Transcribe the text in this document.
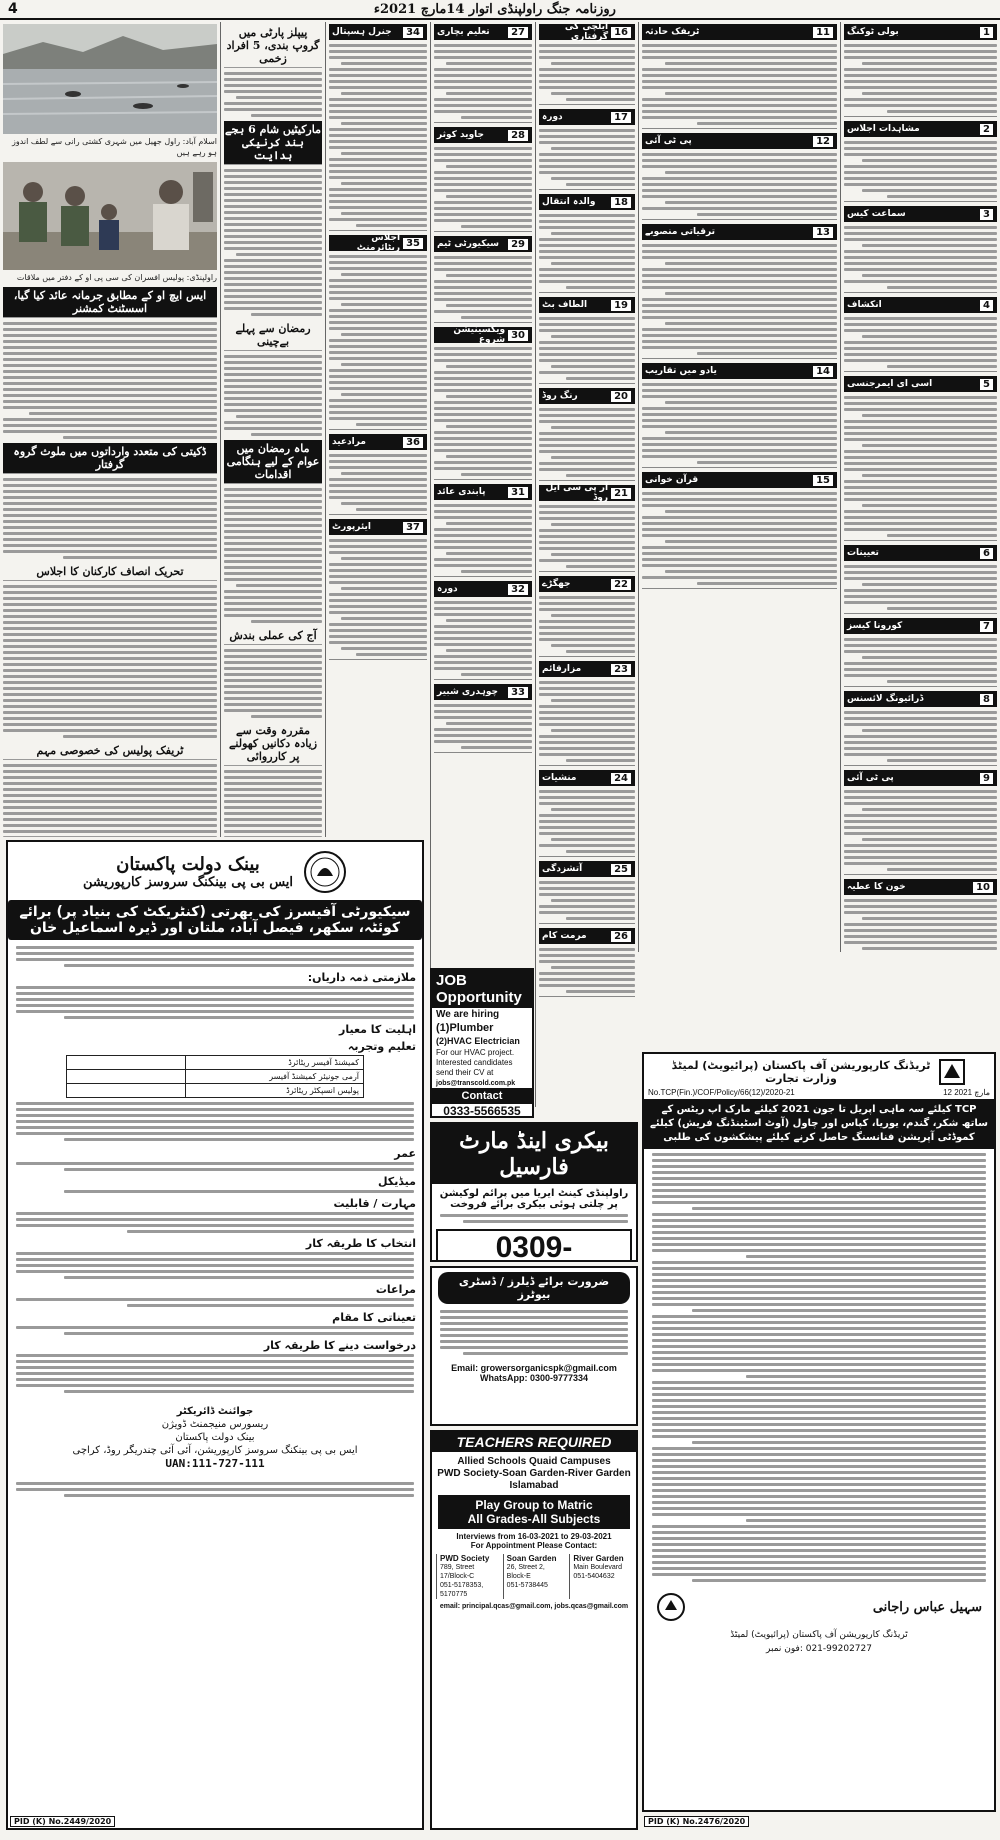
4	روزنامہ جنگ راولپنڈی اتوار 14مارچ 2021ء
1
بولی ٹوکنگ
2
مشاہدات اجلاس
3
سماعت کیس
4
انکشاف
5
اسی ای ایمرجنسی
6
تعیینات
7
کورونا کیسز
8
ڈرائیونگ لائسنس
9
پی ٹی آئی
10
خون کا عطیہ
11
ٹریفک حادثہ
12
پی ٹی آئی
13
ترقیاتی منصوبے
14
یادو میں تقاریب
15
قرآن خوانی
16
ایلچی کی گرفتاری
17
دورہ
18
والدہ انتقال
19
الطاف بٹ
20
رنگ روڈ
21
آر پی سی ایل روڈ
22
جھگڑے
23
مزارقائم
24
منشیات
25
آتشزدگی
26
مرمت کام
27
تعلیم بچاری
28
جاوید کوثر
29
سیکیورٹی ٹیم
30
ویکسینیشن شروع
31
پابندی عائد
32
دورہ
33
چوہدری شبیر
34
جنرل ہسپتال
35
اجلاس ریٹائرمنٹ
36
مرادعید
37
ایئرپورٹ
پیپلز پارٹی میں گروپ بندی، 5 افراد زخمی
مارکیٹیں شام 6 بجے بند کرنیکی ہدایت
رمضان سے پہلے بےچینی
ماہ رمضان میں عوام کے لیے ہنگامی اقدامات
آج کی عملی بندش
مقررہ وقت سے زیادہ دکانیں کھولنے پر کارروائی
اسلام آباد: راول جھیل میں شہری کشتی رانی سے لطف اندوز ہو رہے ہیں
راولپنڈی: پولیس افسران کی سی پی او کے دفتر میں ملاقات
ایس ایچ او کے مطابق جرمانہ عائد کیا گیا، اسسٹنٹ کمشنر
ڈکیتی کی متعدد وارداتوں میں ملوث گروہ گرفتار
تحریک انصاف کارکنان کا اجلاس
ٹریفک پولیس کی خصوصی مہم
بینک دولت پاکستان
ایس بی پی بینکنگ سروسز کارپوریشن
سیکیورٹی آفیسرز کی بھرتی (کنٹریکٹ کی بنیاد پر) برائے کوئٹہ، سکھر، فیصل آباد، ملتان اور ڈیرہ اسماعیل خان
ملازمتی ذمہ داریاں:
اہلیت کا معیار
تعلیم وتجربہ
	کمیشنڈ آفیسر ریٹائرڈ
	آرمی جونیئر کمیشنڈ آفیسر
	پولیس انسپکٹر ریٹائرڈ
عمر
میڈیکل
مہارت / قابلیت
انتخاب کا طریقہ کار
مراعات
تعیناتی کا مقام
درخواست دینے کا طریقہ کار
جوائنٹ ڈائریکٹر
ریسورس منیجمنٹ ڈویژن
بینک دولت پاکستان
ایس بی پی بینکنگ سروسز کارپوریشن، آئی آئی چندریگر روڈ، کراچی
UAN:111-727-111
PID (K) No.2449/2020
JOB Opportunity
We are hiring
(1)Plumber
(2)HVAC Electrician
For our HVAC project. Interested candidates send their CV at
jobs@transcold.com.pk
Contact
0333-5566535
بیکری اینڈ مارٹ فارسیل
راولپنڈی کینٹ ایریا میں پرائم لوکیشن پر چلتی ہوئی بیکری برائے فروخت
0309-
ضرورت برائے ڈیلرز / ڈسٹری بیوٹرز
Email: growersorganicspk@gmail.com
WhatsApp: 0300-9777334
TEACHERS REQUIRED
Allied Schools Quaid Campuses
PWD Society-Soan Garden-River Garden
Islamabad
Play Group to Matric
All Grades-All Subjects
Interviews from 16-03-2021 to 29-03-2021
For Appointment Please Contact:
PWD Society
789, Street 17/Block-C
051-5178353, 5170775
Soan Garden
26, Street 2, Block-E
051-5738445
River Garden
Main Boulevard
051-5404632
email: principal.qcas@gmail.com, jobs.qcas@gmail.com
ٹریڈنگ کارپوریشن آف پاکستان (پرائیویٹ) لمیٹڈ
وزارت تجارت
No.TCP(Fin.)/COF/Policy/66(12)/2020-21	12 مارچ 2021
TCP کیلئے سہ ماہی اپریل تا جون 2021 کیلئے مارک اپ ریٹس کے ساتھ شکر، گندم، یوریا، کپاس اور چاول (آوٹ اسٹینڈنگ فریش) کیلئے کموڈٹی آپریشن فنانسنگ حاصل کرنے کیلئے پیشکشوں کی طلبی
سہیل عباس راجانی
ٹریڈنگ کارپوریشن آف پاکستان (پرائیویٹ) لمیٹڈ
021-99202727 :فون نمبر
PID (K) No.2476/2020
